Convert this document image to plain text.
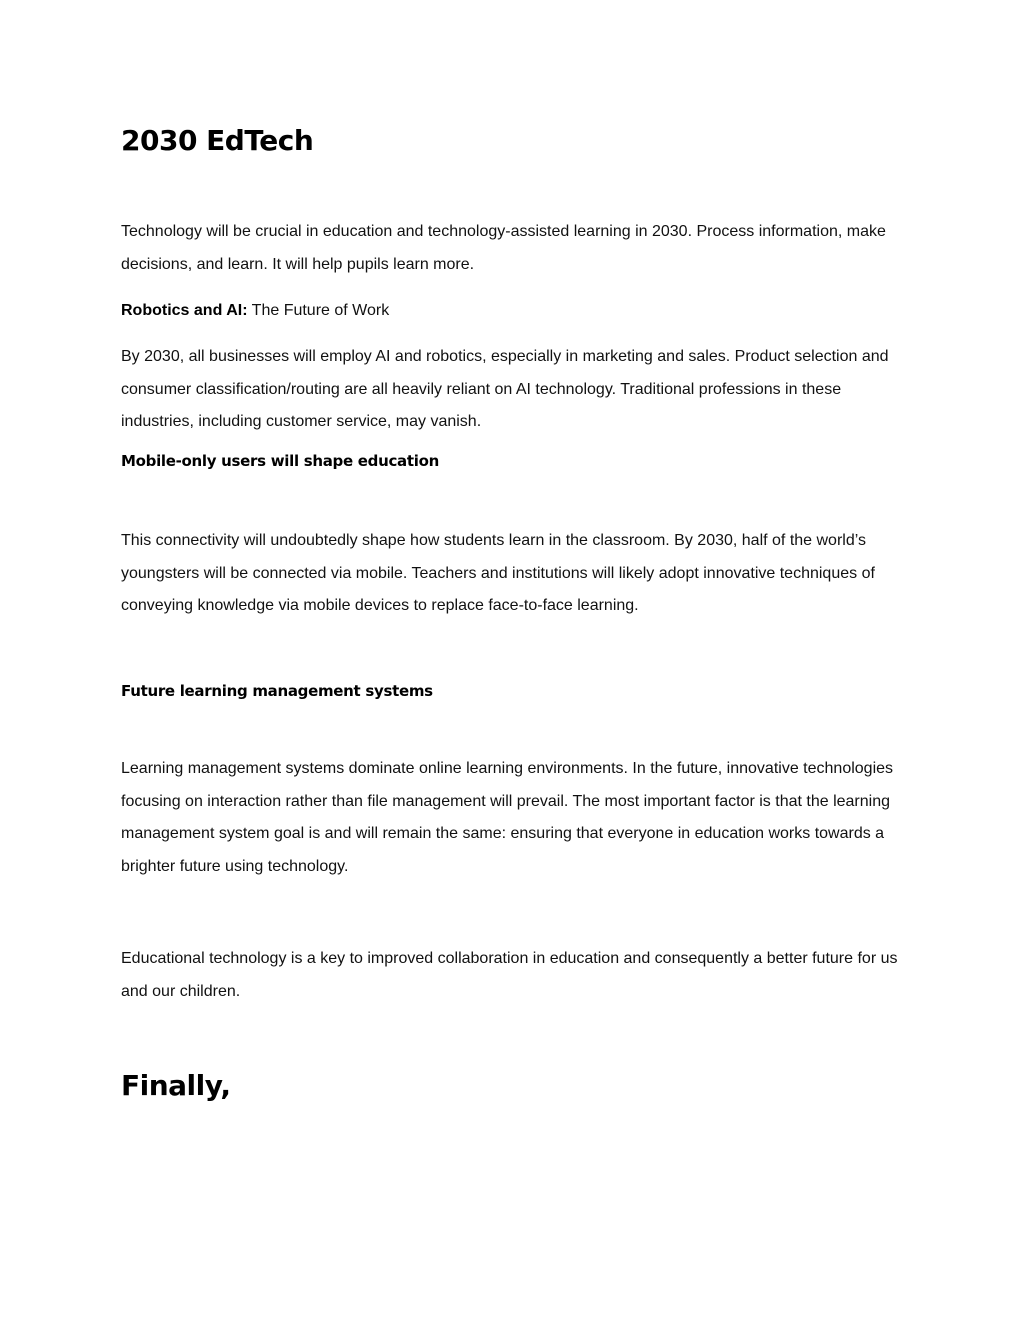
2030 EdTech

Technology will be crucial in education and technology-assisted learning in 2030. Process information, make decisions, and learn. It will help pupils learn more.

Robotics and AI: The Future of Work

By 2030, all businesses will employ AI and robotics, especially in marketing and sales. Product selection and consumer classification/routing are all heavily reliant on AI technology. Traditional professions in these industries, including customer service, may vanish.

Mobile-only users will shape education

This connectivity will undoubtedly shape how students learn in the classroom. By 2030, half of the world’s youngsters will be connected via mobile. Teachers and institutions will likely adopt innovative techniques of conveying knowledge via mobile devices to replace face-to-face learning.

Future learning management systems

Learning management systems dominate online learning environments. In the future, innovative technologies focusing on interaction rather than file management will prevail. The most important factor is that the learning management system goal is and will remain the same: ensuring that everyone in education works towards a brighter future using technology.

Educational technology is a key to improved collaboration in education and consequently a better future for us and our children.

Finally,
